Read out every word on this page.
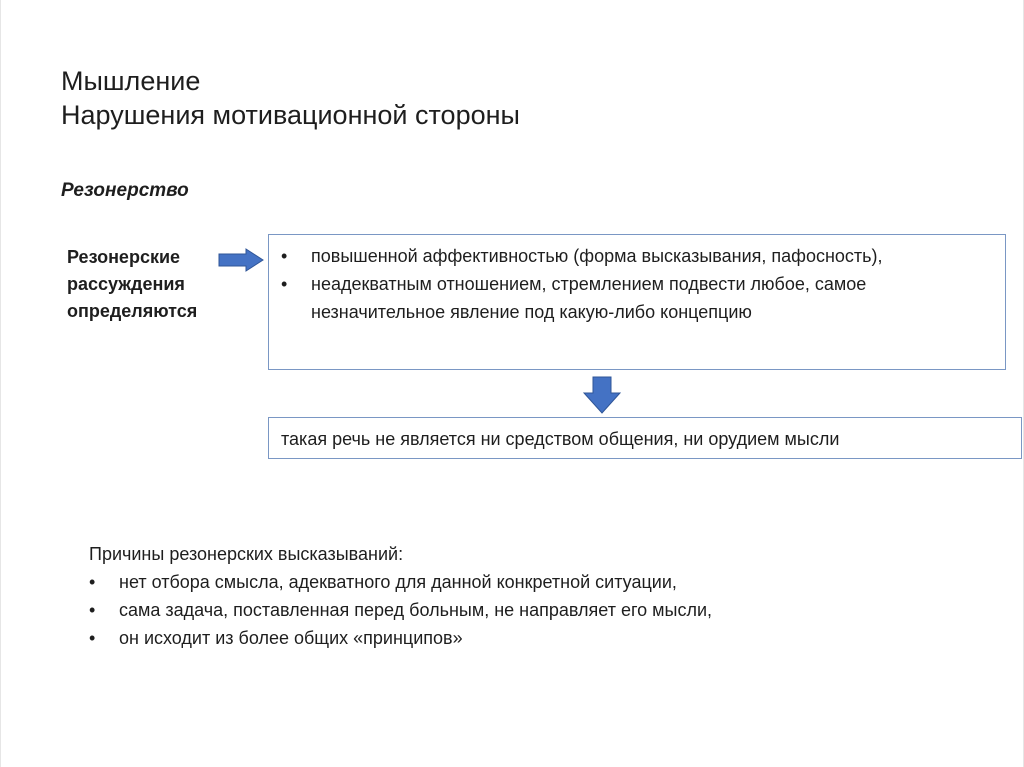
Мышление
Нарушения мотивационной стороны
Резонерство
Резонерские
рассуждения
определяются
• повышенной аффективностью (форма высказывания, пафосность),
• неадекватным отношением, стремлением подвести любое, самое незначительное явление под какую-либо концепцию
такая речь не является ни средством общения, ни орудием мысли
Причины резонерских высказываний:
• нет отбора смысла, адекватного для данной конкретной ситуации,
• сама задача, поставленная перед больным, не направляет его мысли,
• он исходит из более общих «принципов»
